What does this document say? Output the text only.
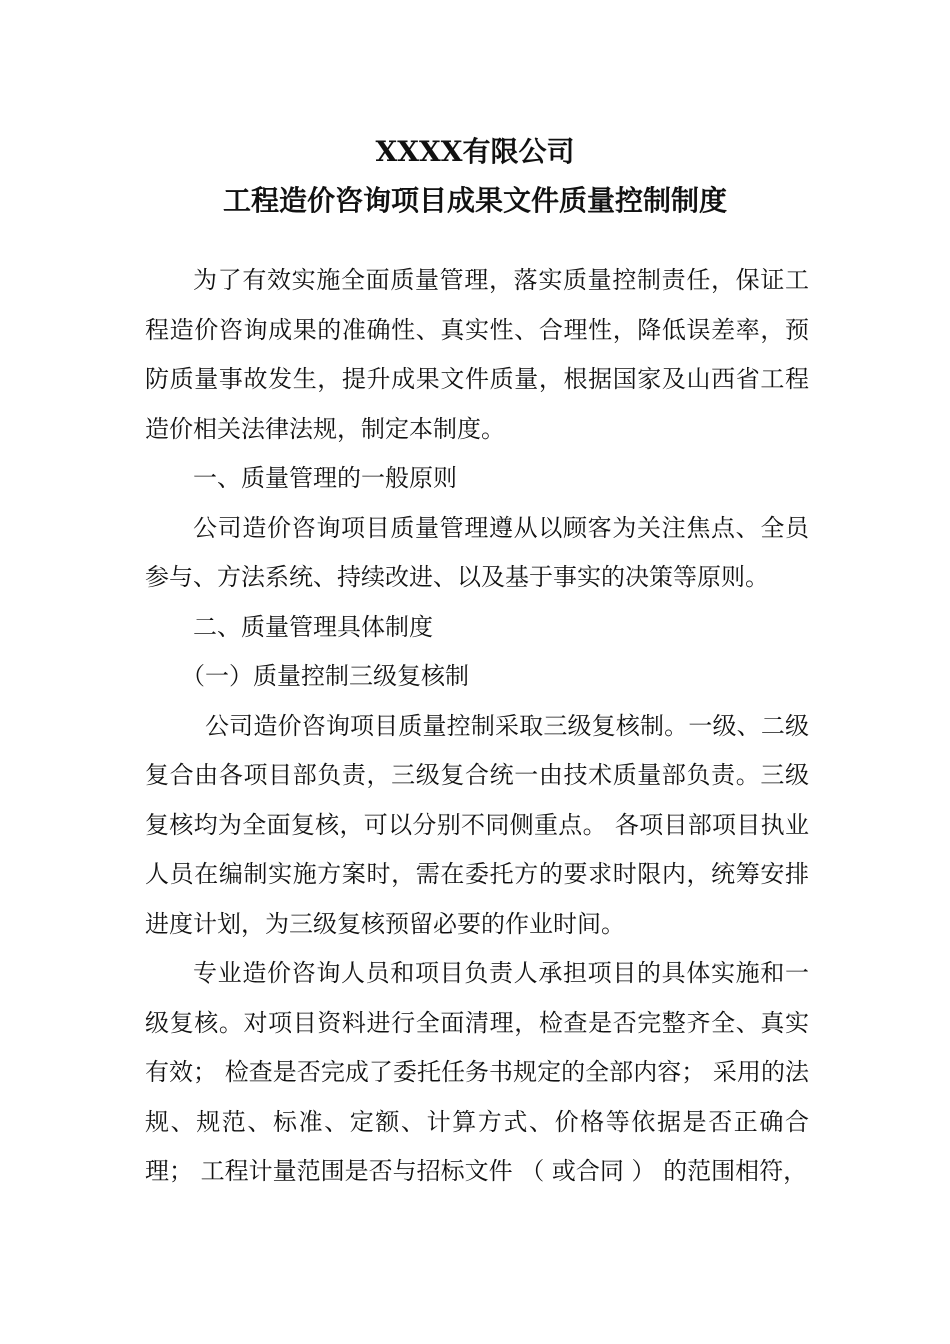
XXXX有限公司
工程造价咨询项目成果文件质量控制制度

为了有效实施全面质量管理，落实质量控制责任，保证工程造价咨询成果的准确性、真实性、合理性，降低误差率，预防质量事故发生，提升成果文件质量，根据国家及山西省工程造价相关法律法规，制定本制度。

一、质量管理的一般原则

公司造价咨询项目质量管理遵从以顾客为关注焦点、全员参与、方法系统、持续改进、以及基于事实的决策等原则。

二、质量管理具体制度

（一）质量控制三级复核制

公司造价咨询项目质量控制采取三级复核制。一级、二级复合由各项目部负责，三级复合统一由技术质量部负责。三级复核均为全面复核，可以分别不同侧重点。 各项目部项目执业人员在编制实施方案时，需在委托方的要求时限内，统筹安排进度计划，为三级复核预留必要的作业时间。

专业造价咨询人员和项目负责人承担项目的具体实施和一级复核。对项目资料进行全面清理，检查是否完整齐全、真实有效； 检查是否完成了委托任务书规定的全部内容； 采用的法规、规范、标准、定额、计算方式、价格等依据是否正确合理； 工程计量范围是否与招标文件 （ 或合同 ） 的范围相符，
